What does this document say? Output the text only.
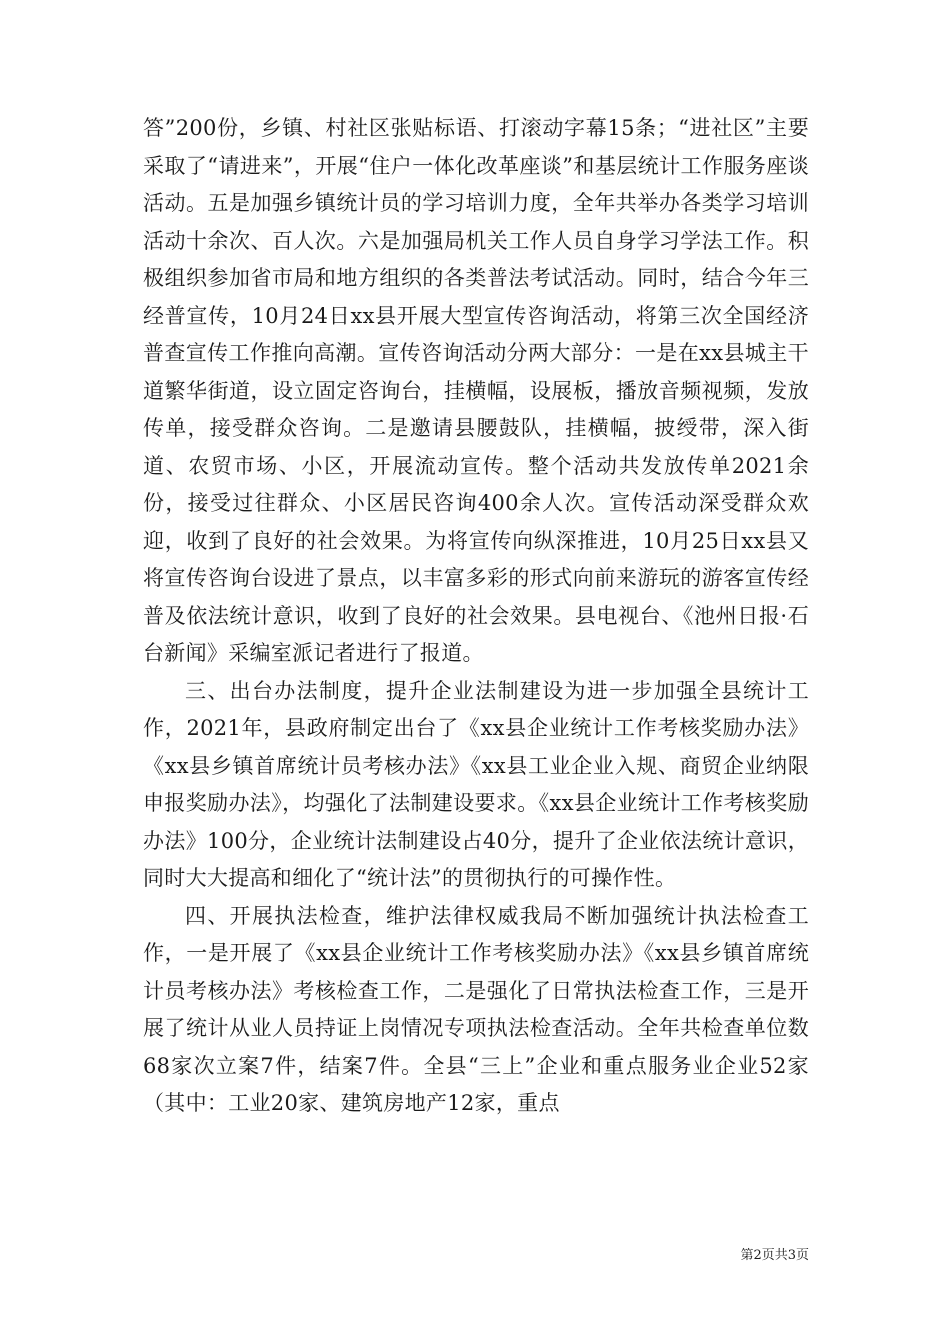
答”200份，乡镇、村社区张贴标语、打滚动字幕15条；“进社区”主要采取了“请进来”，开展“住户一体化改革座谈”和基层统计工作服务座谈活动。五是加强乡镇统计员的学习培训力度，全年共举办各类学习培训活动十余次、百人次。六是加强局机关工作人员自身学习学法工作。积极组织参加省市局和地方组织的各类普法考试活动。同时，结合今年三经普宣传，10月24日xx县开展大型宣传咨询活动，将第三次全国经济普查宣传工作推向高潮。宣传咨询活动分两大部分：一是在xx县城主干道繁华街道，设立固定咨询台，挂横幅，设展板，播放音频视频，发放传单，接受群众咨询。二是邀请县腰鼓队，挂横幅，披绶带，深入街道、农贸市场、小区，开展流动宣传。整个活动共发放传单2021余份，接受过往群众、小区居民咨询400余人次。宣传活动深受群众欢迎，收到了良好的社会效果。为将宣传向纵深推进，10月25日xx县又将宣传咨询台设进了景点，以丰富多彩的形式向前来游玩的游客宣传经普及依法统计意识，收到了良好的社会效果。县电视台、《池州日报·石台新闻》采编室派记者进行了报道。

三、出台办法制度，提升企业法制建设为进一步加强全县统计工作，2021年，县政府制定出台了《xx县企业统计工作考核奖励办法》《xx县乡镇首席统计员考核办法》《xx县工业企业入规、商贸企业纳限申报奖励办法》，均强化了法制建设要求。《xx县企业统计工作考核奖励办法》100分，企业统计法制建设占40分，提升了企业依法统计意识，同时大大提高和细化了“统计法”的贯彻执行的可操作性。

四、开展执法检查，维护法律权威我局不断加强统计执法检查工作，一是开展了《xx县企业统计工作考核奖励办法》《xx县乡镇首席统计员考核办法》考核检查工作，二是强化了日常执法检查工作，三是开展了统计从业人员持证上岗情况专项执法检查活动。全年共检查单位数68家次立案7件，结案7件。全县“三上”企业和重点服务业企业52家（其中：工业20家、建筑房地产12家，重点

第2页共3页
